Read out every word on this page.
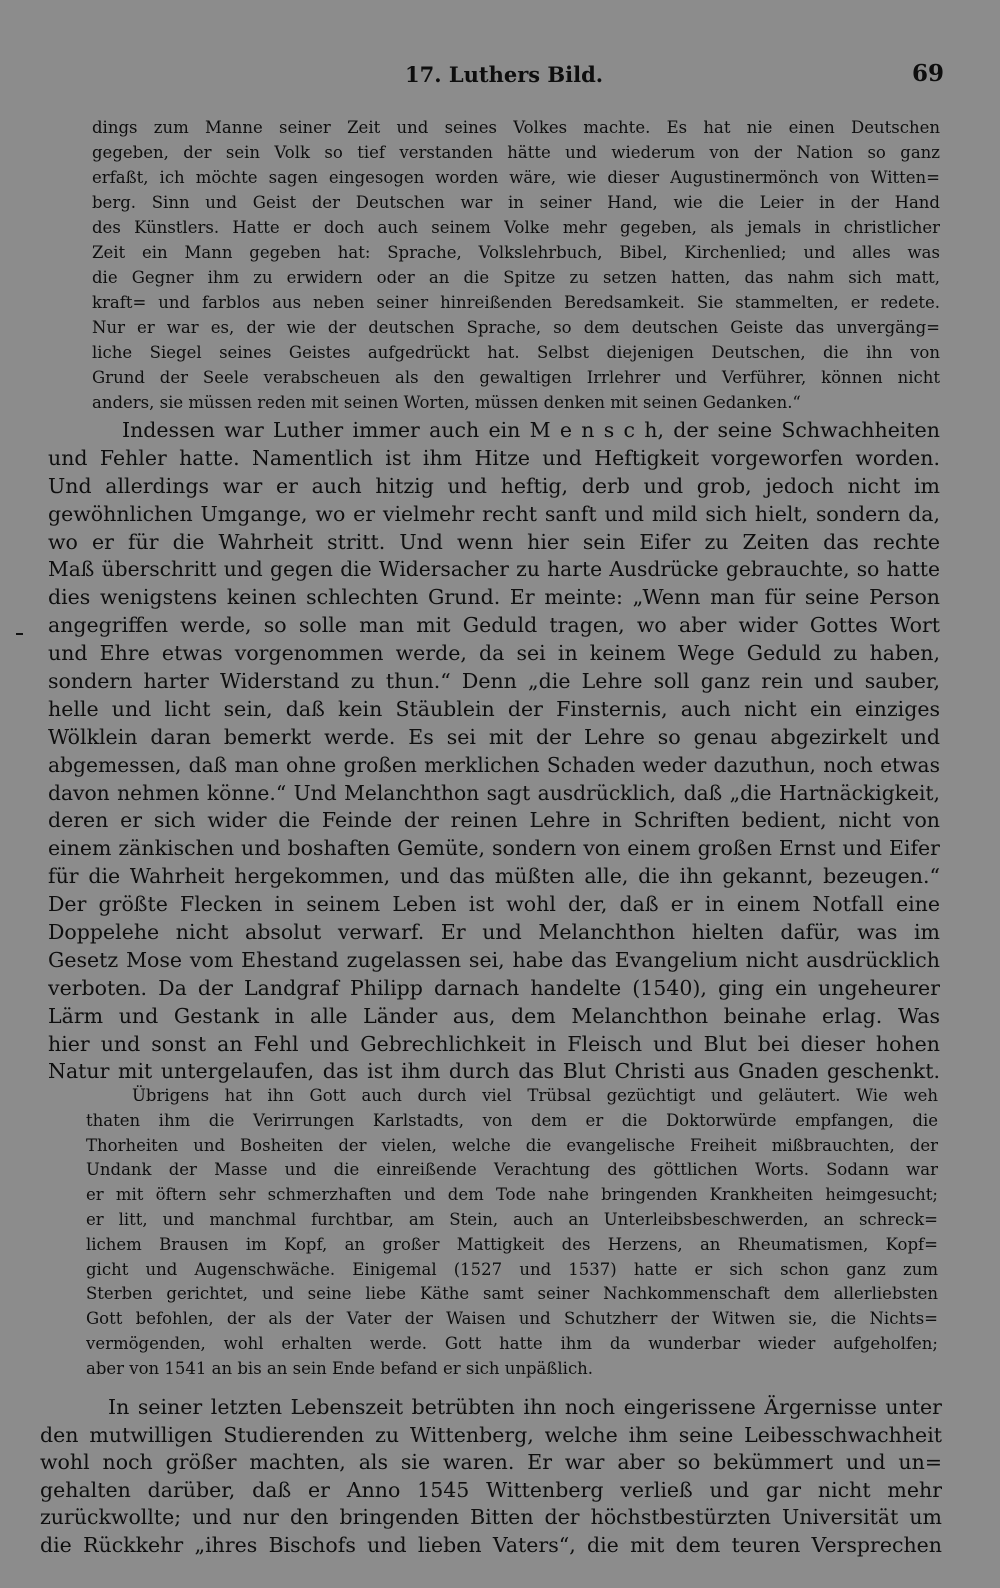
17. Luthers Bild.	69
dings zum Manne seiner Zeit und seines Volkes machte. Es hat nie einen Deutschen
gegeben, der sein Volk so tief verstanden hätte und wiederum von der Nation so ganz
erfaßt, ich möchte sagen eingesogen worden wäre, wie dieser Augustinermönch von Witten=
berg. Sinn und Geist der Deutschen war in seiner Hand, wie die Leier in der Hand
des Künstlers. Hatte er doch auch seinem Volke mehr gegeben, als jemals in christlicher
Zeit ein Mann gegeben hat: Sprache, Volkslehrbuch, Bibel, Kirchenlied; und alles was
die Gegner ihm zu erwidern oder an die Spitze zu setzen hatten, das nahm sich matt,
kraft= und farblos aus neben seiner hinreißenden Beredsamkeit. Sie stammelten, er redete.
Nur er war es, der wie der deutschen Sprache, so dem deutschen Geiste das unvergäng=
liche Siegel seines Geistes aufgedrückt hat. Selbst diejenigen Deutschen, die ihn von
Grund der Seele verabscheuen als den gewaltigen Irrlehrer und Verführer, können nicht
anders, sie müssen reden mit seinen Worten, müssen denken mit seinen Gedanken.“
Indessen war Luther immer auch ein M e n s c h, der seine Schwachheiten
und Fehler hatte. Namentlich ist ihm Hitze und Heftigkeit vorgeworfen worden.
Und allerdings war er auch hitzig und heftig, derb und grob, jedoch nicht im
gewöhnlichen Umgange, wo er vielmehr recht sanft und mild sich hielt, sondern da,
wo er für die Wahrheit stritt. Und wenn hier sein Eifer zu Zeiten das rechte
Maß überschritt und gegen die Widersacher zu harte Ausdrücke gebrauchte, so hatte
dies wenigstens keinen schlechten Grund. Er meinte: „Wenn man für seine Person
angegriffen werde, so solle man mit Geduld tragen, wo aber wider Gottes Wort
und Ehre etwas vorgenommen werde, da sei in keinem Wege Geduld zu haben,
sondern harter Widerstand zu thun.“ Denn „die Lehre soll ganz rein und sauber,
helle und licht sein, daß kein Stäublein der Finsternis, auch nicht ein einziges
Wölklein daran bemerkt werde. Es sei mit der Lehre so genau abgezirkelt und
abgemessen, daß man ohne großen merklichen Schaden weder dazuthun, noch etwas
davon nehmen könne.“ Und Melanchthon sagt ausdrücklich, daß „die Hartnäckigkeit,
deren er sich wider die Feinde der reinen Lehre in Schriften bedient, nicht von
einem zänkischen und boshaften Gemüte, sondern von einem großen Ernst und Eifer
für die Wahrheit hergekommen, und das müßten alle, die ihn gekannt, bezeugen.“
Der größte Flecken in seinem Leben ist wohl der, daß er in einem Notfall eine
Doppelehe nicht absolut verwarf. Er und Melanchthon hielten dafür, was im
Gesetz Mose vom Ehestand zugelassen sei, habe das Evangelium nicht ausdrücklich
verboten. Da der Landgraf Philipp darnach handelte (1540), ging ein ungeheurer
Lärm und Gestank in alle Länder aus, dem Melanchthon beinahe erlag. Was
hier und sonst an Fehl und Gebrechlichkeit in Fleisch und Blut bei dieser hohen
Natur mit untergelaufen, das ist ihm durch das Blut Christi aus Gnaden geschenkt.
Übrigens hat ihn Gott auch durch viel Trübsal gezüchtigt und geläutert. Wie weh
thaten ihm die Verirrungen Karlstadts, von dem er die Doktorwürde empfangen, die
Thorheiten und Bosheiten der vielen, welche die evangelische Freiheit mißbrauchten, der
Undank der Masse und die einreißende Verachtung des göttlichen Worts. Sodann war
er mit öftern sehr schmerzhaften und dem Tode nahe bringenden Krankheiten heimgesucht;
er litt, und manchmal furchtbar, am Stein, auch an Unterleibsbeschwerden, an schreck=
lichem Brausen im Kopf, an großer Mattigkeit des Herzens, an Rheumatismen, Kopf=
gicht und Augenschwäche. Einigemal (1527 und 1537) hatte er sich schon ganz zum
Sterben gerichtet, und seine liebe Käthe samt seiner Nachkommenschaft dem allerliebsten
Gott befohlen, der als der Vater der Waisen und Schutzherr der Witwen sie, die Nichts=
vermögenden, wohl erhalten werde. Gott hatte ihm da wunderbar wieder aufgeholfen;
aber von 1541 an bis an sein Ende befand er sich unpäßlich.
In seiner letzten Lebenszeit betrübten ihn noch eingerissene Ärgernisse unter
den mutwilligen Studierenden zu Wittenberg, welche ihm seine Leibesschwachheit
wohl noch größer machten, als sie waren. Er war aber so bekümmert und un=
gehalten darüber, daß er Anno 1545 Wittenberg verließ und gar nicht mehr
zurückwollte; und nur den bringenden Bitten der höchstbestürzten Universität um
die Rückkehr „ihres Bischofs und lieben Vaters“, die mit dem teuren Versprechen
